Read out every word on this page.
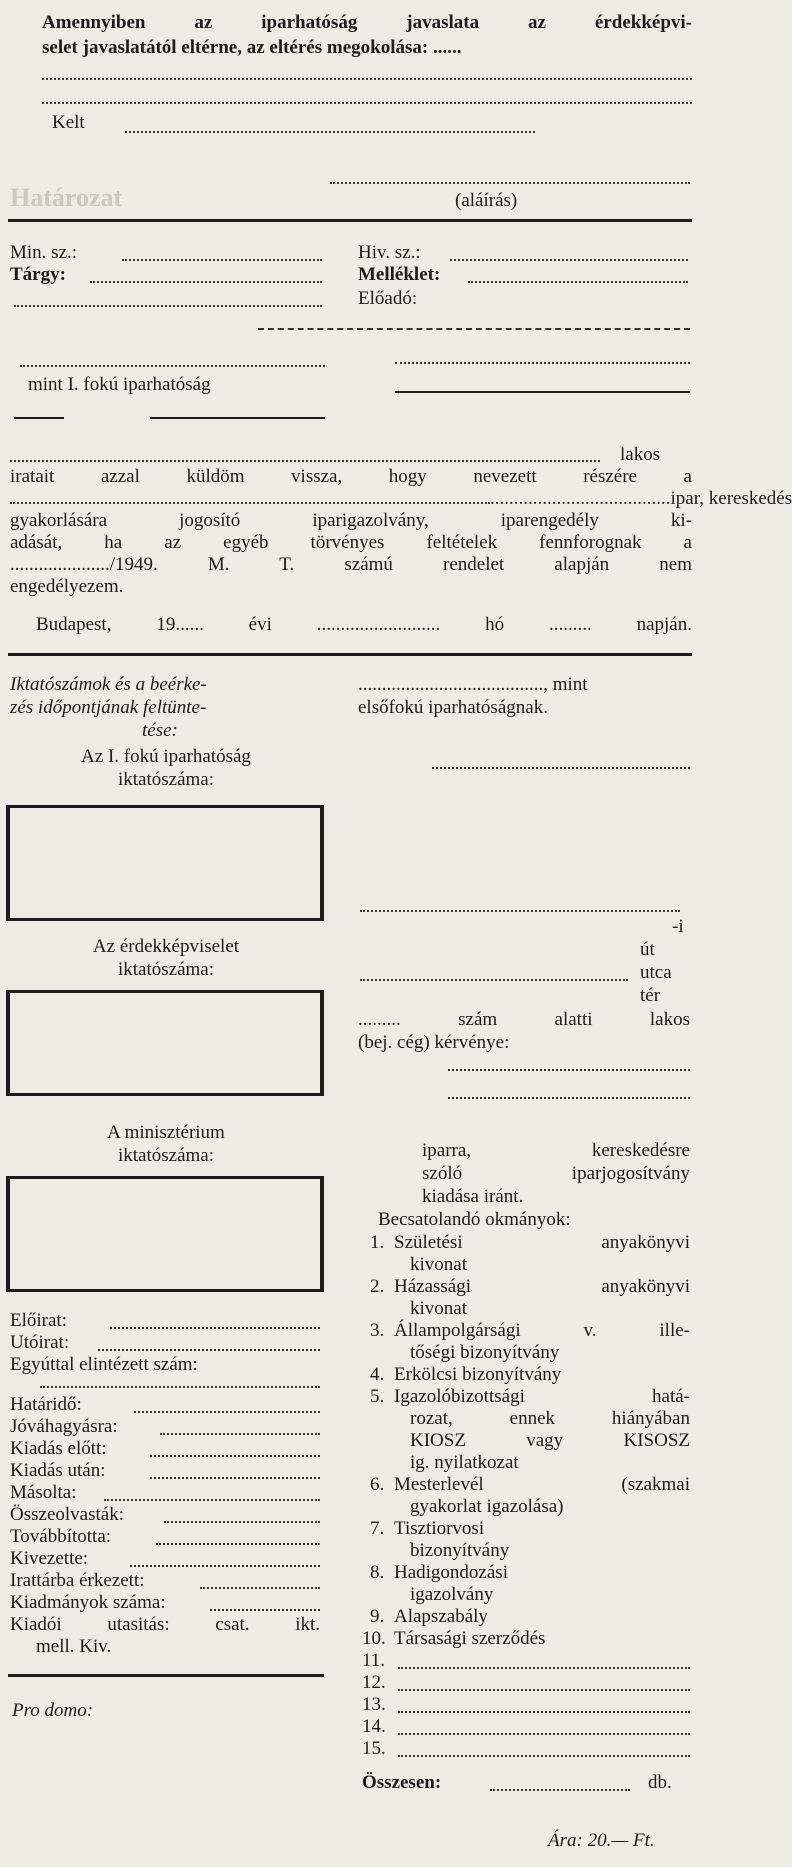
Amennyiben az iparhatóság javaslata az érdekképvi-
selet javaslatától eltérne, az eltérés megokolása: ......
Kelt
Határozat	(aláírás)
Min. sz.:
Tárgy:
Hiv. sz.:
Melléklet:
Előadó:
mint I. fokú iparhatóság
lakos
iratait azzal küldöm vissza, hogy nevezett részére a
......................................ipar, kereskedés
gyakorlására jogosító iparigazolvány, iparengedély ki-
adását, ha az egyéb törvényes feltételek fennforognak a
...................../1949. M. T. számú rendelet alapján nem
engedélyezem.
Budapest, 19...... évi .......................... hó ......... napján.
Iktatószámok és a beérke-
zés időpontjának feltünte-
tése:
Az I. fokú iparhatóság
iktatószáma:
Az érdekképviselet
iktatószáma:
A minisztérium
iktatószáma:
Előirat:
Utóirat:
Egyúttal elintézett szám:
Határidő:
Jóváhagyásra:
Kiadás előtt:
Kiadás után:
Másolta:
Összeolvasták:
Továbbította:
Kivezette:
Irattárba érkezett:
Kiadmányok száma:
Kiadói utasitás: csat. ikt.
mell. Kiv.
Pro domo:
......................................., mint
elsőfokú iparhatóságnak.
-i
út
utca
tér
......... szám alatti lakos
(bej. cég) kérvénye:
iparra, kereskedésre
szóló iparjogosítvány
kiadása iránt.
Becsatolandó okmányok:
1. Születési anyakönyvi
kivonat
2. Házassági anyakönyvi
kivonat
3. Állampolgársági v. ille-
tőségi bizonyítvány
4. Erkölcsi bizonyítvány
5. Igazolóbizottsági hatá-
rozat, ennek hiányában
KIOSZ vagy KISOSZ
ig. nyilatkozat
6. Mesterlevél (szakmai
gyakorlat igazolása)
7. Tisztiorvosi
bizonyítvány
8. Hadigondozási
igazolvány
9. Alapszabály
10. Társasági szerződés
11.
12.
13.
14.
15.
Összesen:	db.
Ára: 20.— Ft.
